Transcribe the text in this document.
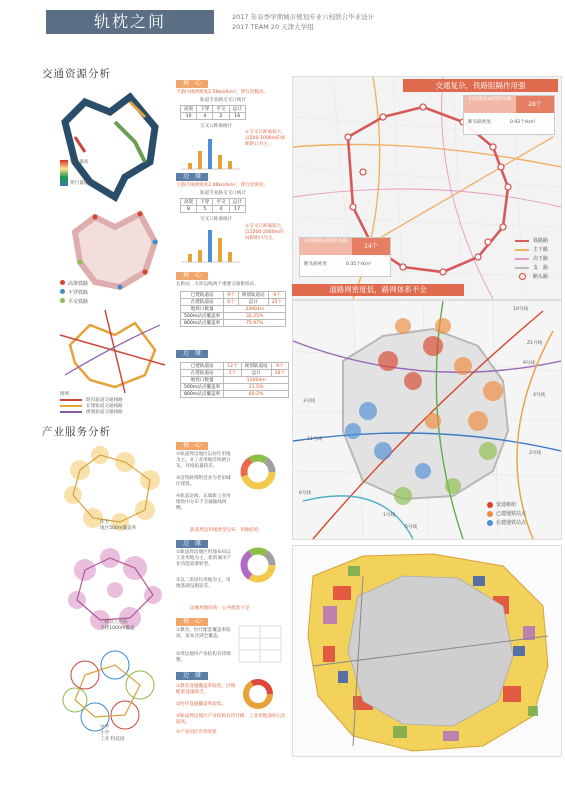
轨枕之间	2017 年春季学期城市规划专业六校联合毕业设计
2017 TEAM 20 天津大学组
交通资源分析
产业服务分析
穿行量高
穿行量低
高架铁路
下穿铁路
平交铁路
图例
既有轨道交通线路
在建轨道交通线路
规划轨道交通线路
住宅
地区500m覆盖率
二级以上医院
半径1000m覆盖
中学
小学
工业 科技园
核　心
下游区线网密度2.56km/km²，穿行次数高。
轨道专业路交叉口统计
高架	下穿	平交	总计
10	4	2	16
交叉口距离统计
①交叉口距离较大，以500-1000m的间距距口为主。
边　缘
下游区线网密度2.46km/km²，穿行度密度。
轨道专业路交叉口统计
高架	下穿	平交	总计
8	5	4	17
交叉口距离统计
①交叉口距离较大，以1000-2000m的间距距口为主。
核　心
长距站　大环运线两个重要交通枢纽站。
已建轨道站	9个	规划轨道站	9个
在建轨道站	6个	总计	25个
地铁口数量	33904m		
500m站点覆盖率	32.25%		
800m站点覆盖率	75.97%		
边　缘
已建轨道站	12个	规划轨道站	9个
在建轨道站	1个	总计	28个
地铁口数量	11064m		
500m站点覆盖率	21.5%		
800m站点覆盖率	60.2%		
核　心
①轨道周边地区以居住用地为主。②工业用地沿铁路分布，环境质量较差。
③沿铁路带附近多为老旧城区建筑。
④轨道北端、东端新工业用地集中分布于交通轴线两侧。
轨道周边用地类型分布 · 用地结构
边　缘
①轨道周边地区用地布局以工业用地为主，新的城市产业功能需要转型。
②以二类居住用地为主，用地基础设施较差。
边缘用地结构 · 公共配套不足
核　心
①教育、医疗配套覆盖率较高，基本达到全覆盖。
②周边地块产业结构有待调整。
边　缘
①教育设施覆盖率较低，区域配套设施缺乏。
②医疗设施覆盖率较低。
③轨道周边地区产业结构有待升级，工业用地面积占比较高。
④产业园区有待更新
交通复杂，铁路阻隔作用强
由铁路造成的断头路
28个
断头路密度	0.92个/km²
由铁路造成的断头路
14个
断头路密度	0.35个/km²
铁路路
主干路
次干路
支　路
断头路
道路网密度低，路网体系不全
10号线
4号线
2号线
9号线
3号线
1号线
5号线
6号线
11号线
Z1号线
变通枢纽
已建地铁站点
在建地铁站点
